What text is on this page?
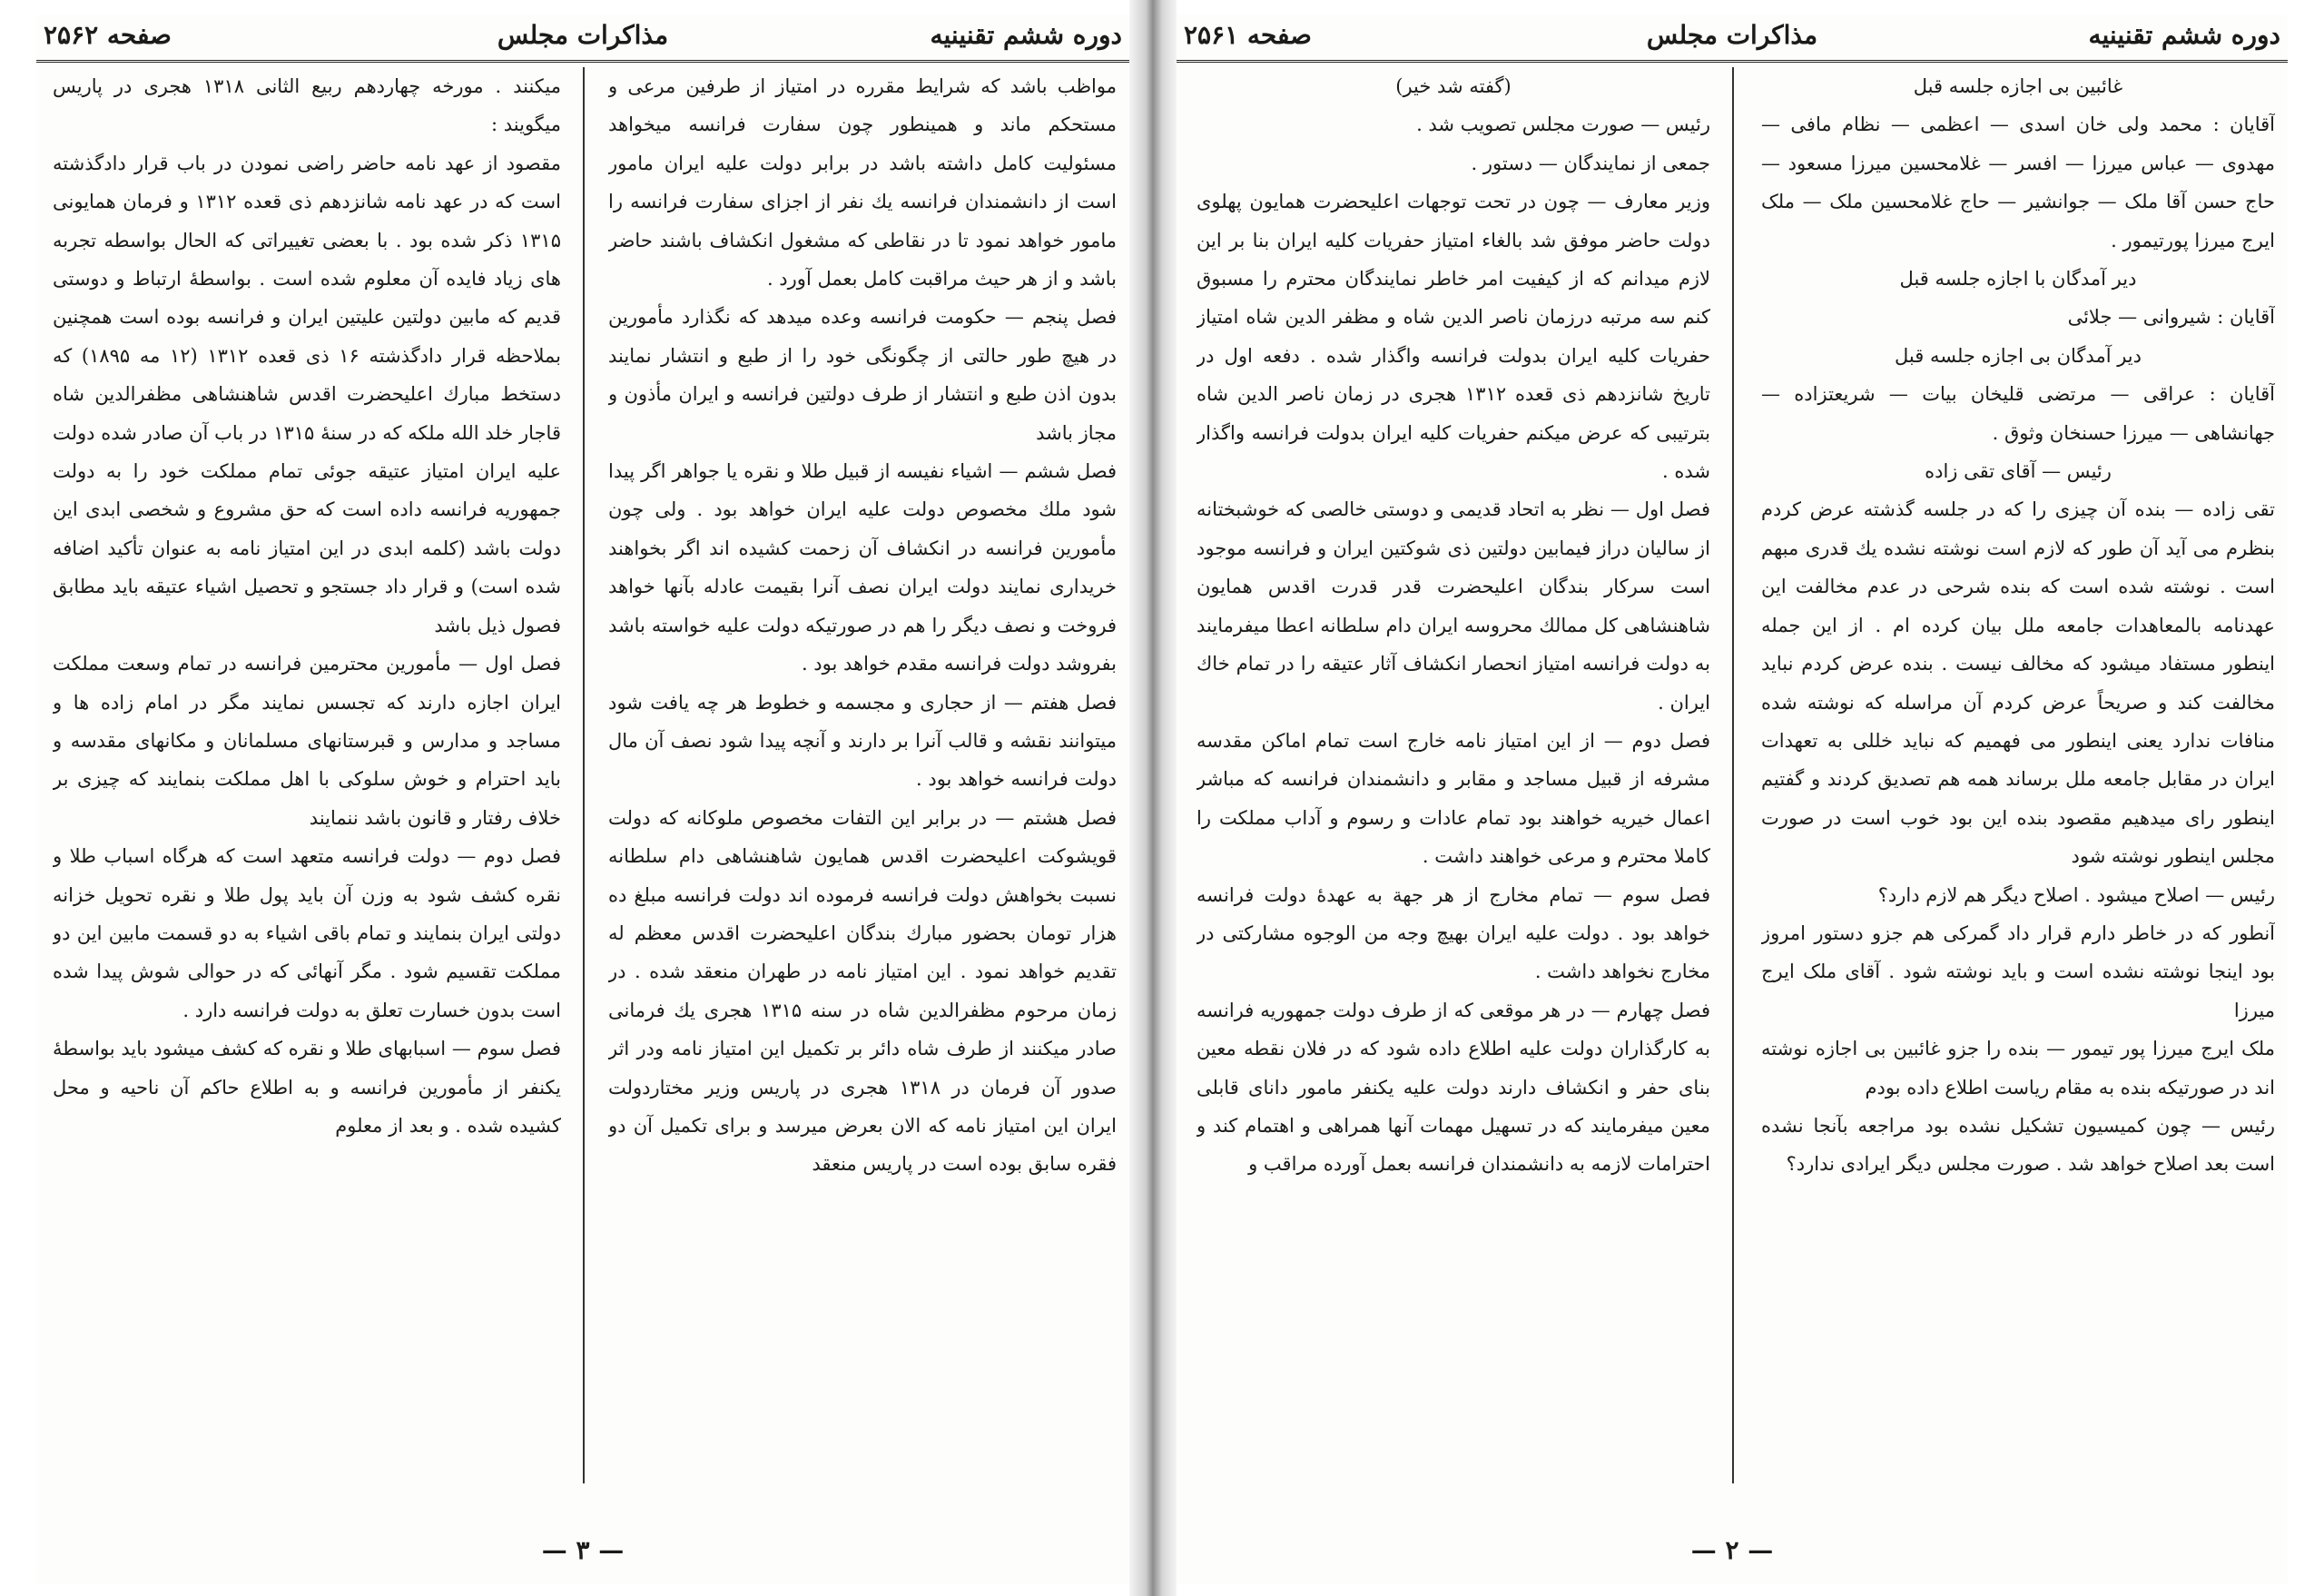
دوره ششم تقنینیه
مذاکرات مجلس
صفحه ۲۵۶۲

مواظب باشد که شرایط مقرره در امتیاز از طرفین مرعی و مستحکم ماند و همینطور چون سفارت فرانسه میخواهد مسئولیت کامل داشته باشد در برابر دولت علیه ایران مامور است از دانشمندان فرانسه یك نفر از اجزای سفارت فرانسه را مامور خواهد نمود تا در نقاطی که مشغول انکشاف باشند حاضر باشد و از هر حیث مراقبت کامل بعمل آورد .

فصل پنجم — حکومت فرانسه وعده میدهد که نگذارد مأمورین در هیچ طور حالتی از چگونگی خود را از طبع و انتشار نمایند بدون اذن طبع و انتشار از طرف دولتین فرانسه و ایران مأذون و مجاز باشد

فصل ششم — اشیاء نفیسه از قبیل طلا و نقره یا جواهر اگر پیدا شود ملك مخصوص دولت علیه ایران خواهد بود . ولی چون مأمورین فرانسه در انکشاف آن زحمت کشیده اند اگر بخواهند خریداری نمایند دولت ایران نصف آنرا بقیمت عادله بآنها خواهد فروخت و نصف دیگر را هم در صورتیکه دولت علیه خواسته باشد بفروشد دولت فرانسه مقدم خواهد بود .

فصل هفتم — از حجاری و مجسمه و خطوط هر چه یافت شود میتوانند نقشه و قالب آنرا بر دارند و آنچه پیدا شود نصف آن مال دولت فرانسه خواهد بود .

فصل هشتم — در برابر این التفات مخصوص ملوکانه که دولت قویشوکت اعلیحضرت اقدس همایون شاهنشاهی دام سلطانه نسبت بخواهش دولت فرانسه فرموده اند دولت فرانسه مبلغ ده هزار تومان بحضور مبارك بندگان اعلیحضرت اقدس معظم له تقدیم خواهد نمود . این امتیاز نامه در طهران منعقد شده . در زمان مرحوم مظفرالدین شاه در سنه ۱۳۱۵ هجری یك فرمانی صادر میکنند از طرف شاه دائر بر تکمیل این امتیاز نامه ودر اثر صدور آن فرمان در ۱۳۱۸ هجری در پاریس وزیر مختاردولت ایران این امتیاز نامه که الان بعرض میرسد و برای تکمیل آن دو فقره سابق بوده است در پاریس منعقد

میکنند . مورخه چهاردهم ربیع الثانی ۱۳۱۸ هجری در پاریس میگویند :

مقصود از عهد نامه حاضر راضی نمودن در باب قرار دادگذشته است که در عهد نامه شانزدهم ذی قعده ۱۳۱۲ و فرمان همایونی ۱۳۱۵ ذکر شده بود . با بعضی تغییراتی که الحال بواسطه تجربه های زیاد فایده آن معلوم شده است . بواسطهٔ ارتباط و دوستی قدیم که مابین دولتین علیتین ایران و فرانسه بوده است همچنین بملاحظه قرار دادگذشته ۱۶ ذی قعده ۱۳۱۲ (۱۲ مه ۱۸۹۵) که دستخط مبارك اعلیحضرت اقدس شاهنشاهی مظفرالدین شاه قاجار خلد الله ملکه که در سنهٔ ۱۳۱۵ در باب آن صادر شده دولت علیه ایران امتیاز عتیقه جوئی تمام مملکت خود را به دولت جمهوریه فرانسه داده است که حق مشروع و شخصی ابدی این دولت باشد (کلمه ابدی در این امتیاز نامه به عنوان تأکید اضافه شده است) و قرار داد جستجو و تحصیل اشیاء عتیقه باید مطابق فصول ذیل باشد

فصل اول — مأمورین محترمین فرانسه در تمام وسعت مملکت ایران اجازه دارند که تجسس نمایند مگر در امام زاده ها و مساجد و مدارس و قبرستانهای مسلمانان و مکانهای مقدسه و باید احترام و خوش سلوکی با اهل مملکت بنمایند که چیزی بر خلاف رفتار و قانون باشد ننمایند

فصل دوم — دولت فرانسه متعهد است که هرگاه اسباب طلا و نقره کشف شود به وزن آن باید پول طلا و نقره تحویل خزانه دولتی ایران بنمایند و تمام باقی اشیاء به دو قسمت مابین این دو مملکت تقسیم شود . مگر آنهائی که در حوالی شوش پیدا شده است بدون خسارت تعلق به دولت فرانسه دارد .

فصل سوم — اسبابهای طلا و نقره که کشف میشود باید بواسطهٔ یکنفر از مأمورین فرانسه و به اطلاع حاکم آن ناحیه و محل کشیده شده . و بعد از معلوم

— ۳ —
دوره ششم تقنینیه
مذاکرات مجلس
صفحه ۲۵۶۱

غائبین بی اجازه جلسه قبل

آقایان : محمد ولی خان اسدی — اعظمی — نظام مافی — مهدوی — عباس میرزا — افسر — غلامحسین میرزا مسعود — حاج حسن آقا ملک — جوانشیر — حاج غلامحسین ملک — ملک ایرج میرزا پورتیمور .

دیر آمدگان با اجازه جلسه قبل

آقایان : شیروانی — جلائی

دیر آمدگان بی اجازه جلسه قبل

آقایان : عراقی — مرتضی قلیخان بیات — شریعتزاده — جهانشاهی — میرزا حسنخان وثوق .

رئیس — آقای تقی زاده

تقی زاده — بنده آن چیزی را که در جلسه گذشته عرض کردم بنظرم می آید آن طور که لازم است نوشته نشده یك قدری مبهم است . نوشته شده است که بنده شرحی در عدم مخالفت این عهدنامه بالمعاهدات جامعه ملل بیان کرده ام . از این جمله اینطور مستفاد میشود که مخالف نیست . بنده عرض کردم نباید مخالفت کند و صریحاً عرض کردم آن مراسله که نوشته شده منافات ندارد یعنی اینطور می فهمیم که نباید خللی به تعهدات ایران در مقابل جامعه ملل برساند همه هم تصدیق کردند و گفتیم اینطور رای میدهیم مقصود بنده این بود خوب است در صورت مجلس اینطور نوشته شود

رئیس — اصلاح میشود . اصلاح دیگر هم لازم دارد؟

آنطور که در خاطر دارم قرار داد گمرکی هم جزو دستور امروز بود اینجا نوشته نشده است و باید نوشته شود . آقای ملک ایرج میرزا

ملک ایرج میرزا پور تیمور — بنده را جزو غائبین بی اجازه نوشته اند در صورتیکه بنده به مقام ریاست اطلاع داده بودم

رئیس — چون کمیسیون تشکیل نشده بود مراجعه بآنجا نشده است بعد اصلاح خواهد شد . صورت مجلس دیگر ایرادی ندارد؟

(گفته شد خیر)

رئیس — صورت مجلس تصویب شد .

جمعی از نمایندگان — دستور .

وزیر معارف — چون در تحت توجهات اعلیحضرت همایون پهلوی دولت حاضر موفق شد بالغاء امتیاز حفریات کلیه ایران بنا بر این لازم میدانم که از کیفیت امر خاطر نمایندگان محترم را مسبوق کنم سه مرتبه درزمان ناصر الدین شاه و مظفر الدین شاه امتیاز حفریات کلیه ایران بدولت فرانسه واگذار شده . دفعه اول در تاریخ شانزدهم ذی قعده ۱۳۱۲ هجری در زمان ناصر الدین شاه بترتیبی که عرض میکنم حفریات کلیه ایران بدولت فرانسه واگذار شده .

فصل اول — نظر به اتحاد قدیمی و دوستی خالصی که خوشبختانه از سالیان دراز فیمابین دولتین ذی شوکتین ایران و فرانسه موجود است سرکار بندگان اعلیحضرت قدر قدرت اقدس همایون شاهنشاهی کل ممالك محروسه ایران دام سلطانه اعطا میفرمایند به دولت فرانسه امتیاز انحصار انکشاف آثار عتیقه را در تمام خاك ایران .

فصل دوم — از این امتیاز نامه خارج است تمام اماکن مقدسه مشرفه از قبیل مساجد و مقابر و دانشمندان فرانسه که مباشر اعمال خیریه خواهند بود تمام عادات و رسوم و آداب مملکت را کاملا محترم و مرعی خواهند داشت .

فصل سوم — تمام مخارج از هر جهة به عهدهٔ دولت فرانسه خواهد بود . دولت علیه ایران بهیچ وجه من الوجوه مشارکتی در مخارج نخواهد داشت .

فصل چهارم — در هر موقعی که از طرف دولت جمهوریه فرانسه به کارگذاران دولت علیه اطلاع داده شود که در فلان نقطه معین بنای حفر و انکشاف دارند دولت علیه یکنفر مامور دانای قابلی معین میفرمایند که در تسهیل مهمات آنها همراهی و اهتمام کند و احترامات لازمه به دانشمندان فرانسه بعمل آورده مراقب و

— ۲ —
